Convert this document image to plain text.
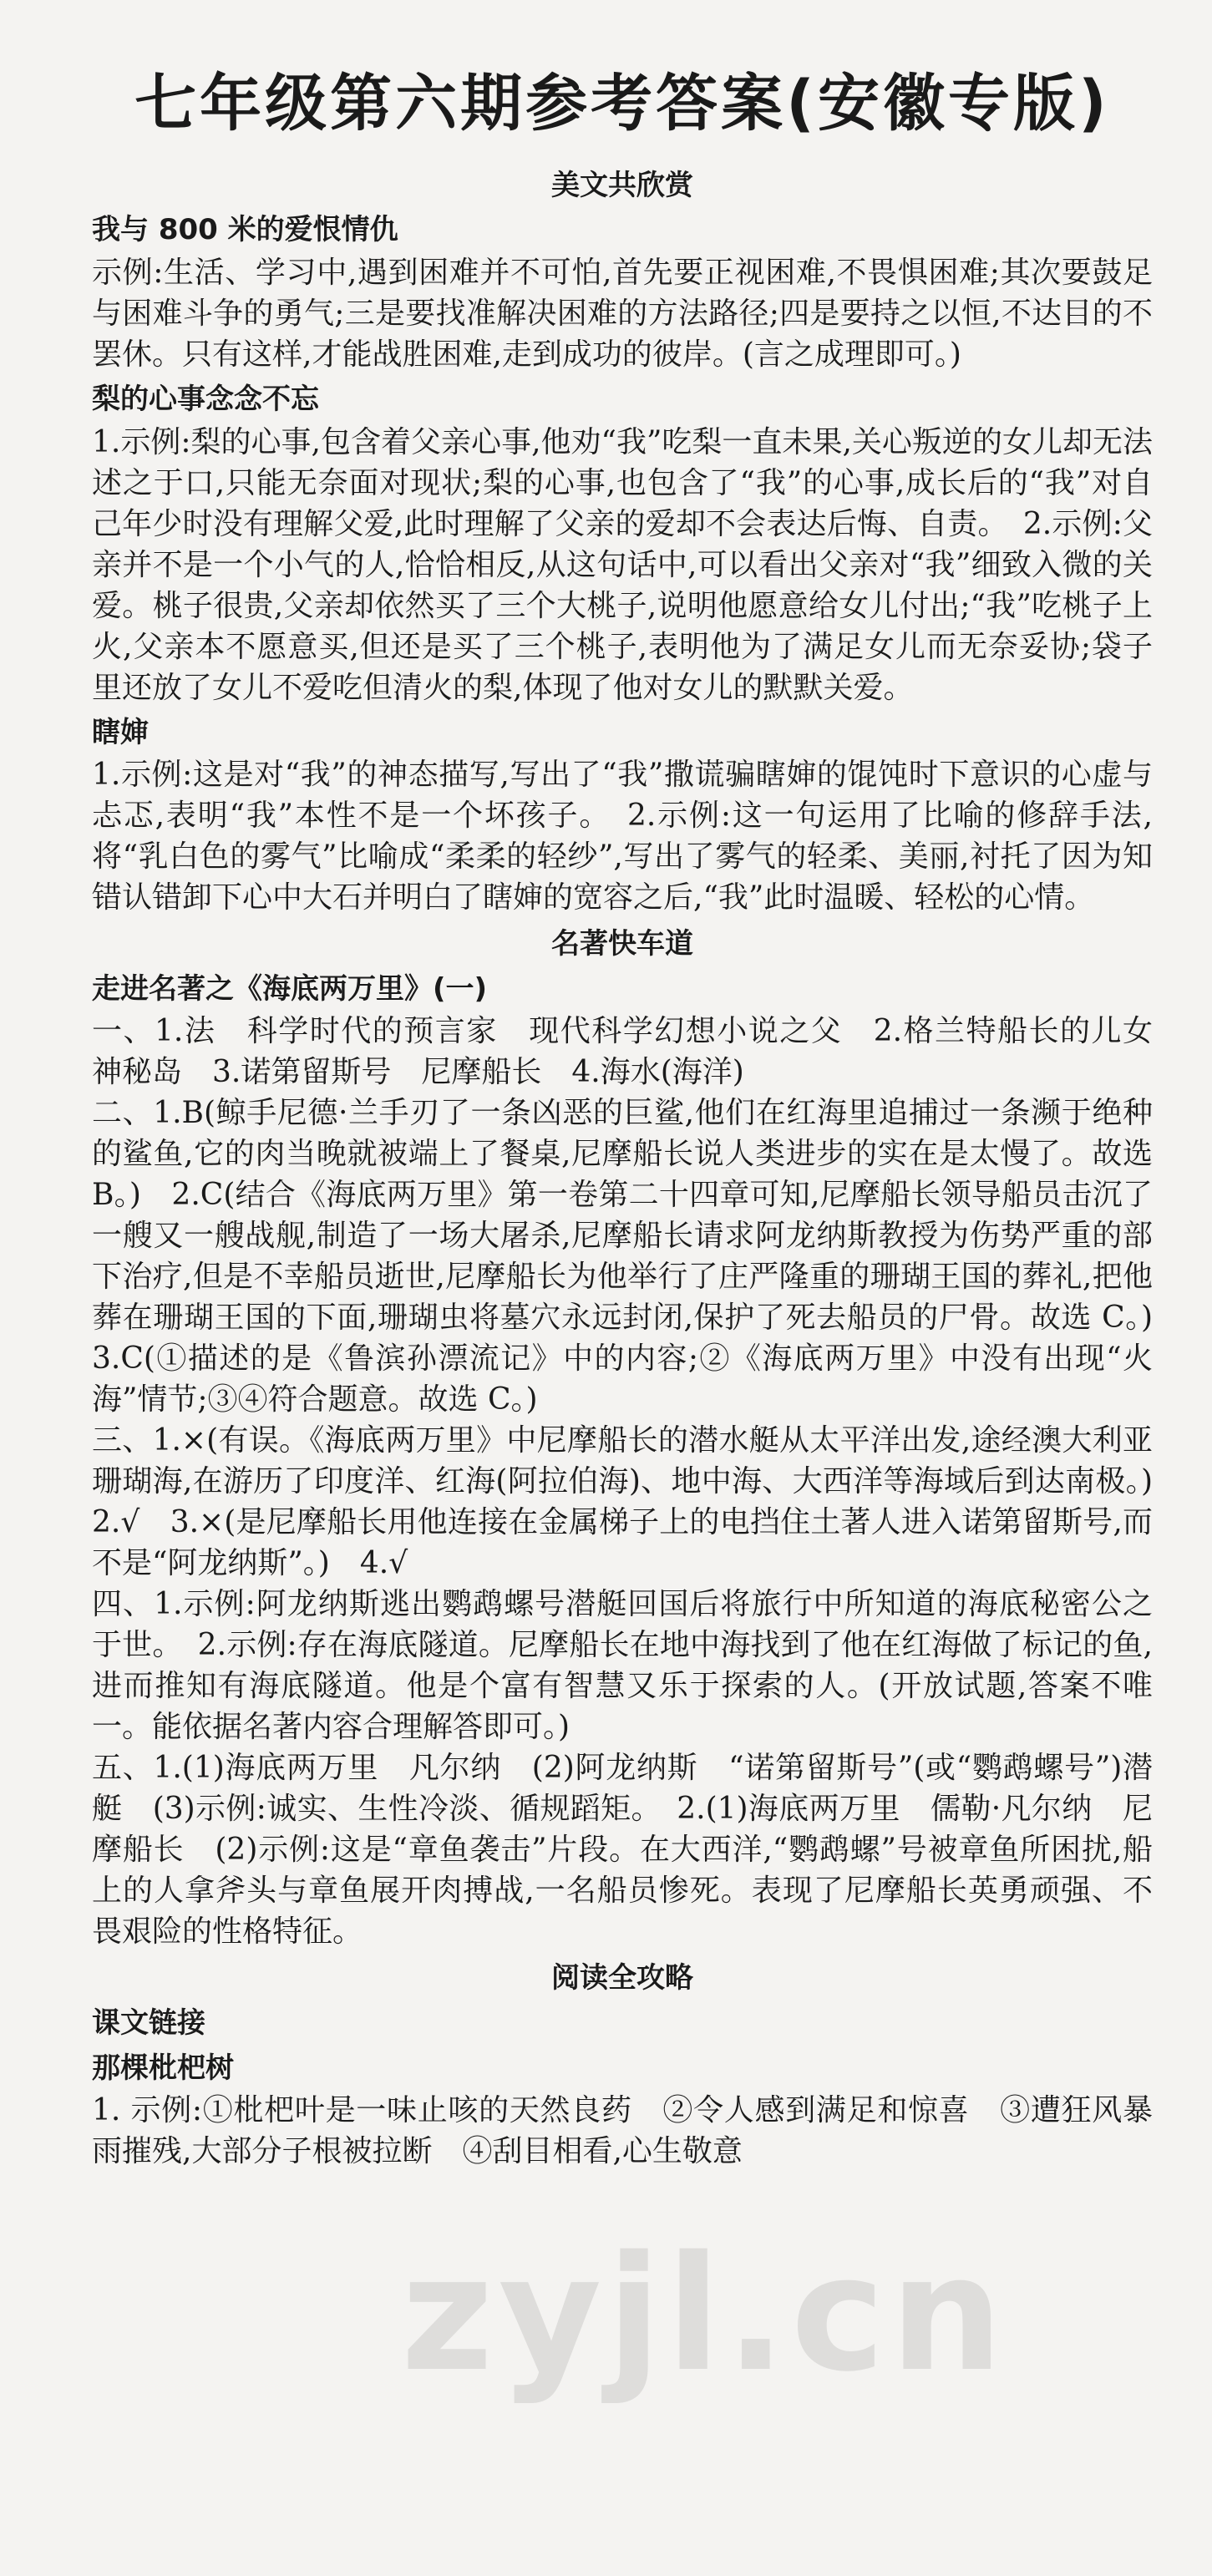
七年级第六期参考答案(安徽专版)
美文共欣赏
我与 800 米的爱恨情仇

示例:生活、学习中,遇到困难并不可怕,首先要正视困难,不畏惧困难;其次要鼓足与困难斗争的勇气;三是要找准解决困难的方法路径;四是要持之以恒,不达目的不罢休。只有这样,才能战胜困难,走到成功的彼岸。(言之成理即可。)

梨的心事念念不忘

1.示例:梨的心事,包含着父亲心事,他劝“我”吃梨一直未果,关心叛逆的女儿却无法述之于口,只能无奈面对现状;梨的心事,也包含了“我”的心事,成长后的“我”对自己年少时没有理解父爱,此时理解了父亲的爱却不会表达后悔、自责。　2.示例:父亲并不是一个小气的人,恰恰相反,从这句话中,可以看出父亲对“我”细致入微的关爱。桃子很贵,父亲却依然买了三个大桃子,说明他愿意给女儿付出;“我”吃桃子上火,父亲本不愿意买,但还是买了三个桃子,表明他为了满足女儿而无奈妥协;袋子里还放了女儿不爱吃但清火的梨,体现了他对女儿的默默关爱。

瞎婶

1.示例:这是对“我”的神态描写,写出了“我”撒谎骗瞎婶的馄饨时下意识的心虚与忐忑,表明“我”本性不是一个坏孩子。　2.示例:这一句运用了比喻的修辞手法,将“乳白色的雾气”比喻成“柔柔的轻纱”,写出了雾气的轻柔、美丽,衬托了因为知错认错卸下心中大石并明白了瞎婶的宽容之后,“我”此时温暖、轻松的心情。

名著快车道
走进名著之《海底两万里》(一)

一、1.法　科学时代的预言家　现代科学幻想小说之父　2.格兰特船长的儿女　神秘岛　3.诺第留斯号　尼摩船长　4.海水(海洋)

二、1.B(鲸手尼德·兰手刃了一条凶恶的巨鲨,他们在红海里追捕过一条濒于绝种的鲨鱼,它的肉当晚就被端上了餐桌,尼摩船长说人类进步的实在是太慢了。故选 B。)　2.C(结合《海底两万里》第一卷第二十四章可知,尼摩船长领导船员击沉了一艘又一艘战舰,制造了一场大屠杀,尼摩船长请求阿龙纳斯教授为伤势严重的部下治疗,但是不幸船员逝世,尼摩船长为他举行了庄严隆重的珊瑚王国的葬礼,把他葬在珊瑚王国的下面,珊瑚虫将墓穴永远封闭,保护了死去船员的尸骨。故选 C。)　3.C(①描述的是《鲁滨孙漂流记》中的内容;②《海底两万里》中没有出现“火海”情节;③④符合题意。故选 C。)

三、1.×(有误。《海底两万里》中尼摩船长的潜水艇从太平洋出发,途经澳大利亚珊瑚海,在游历了印度洋、红海(阿拉伯海)、地中海、大西洋等海域后到达南极。)　2.√　3.×(是尼摩船长用他连接在金属梯子上的电挡住土著人进入诺第留斯号,而不是“阿龙纳斯”。)　4.√

四、1.示例:阿龙纳斯逃出鹦鹉螺号潜艇回国后将旅行中所知道的海底秘密公之于世。　2.示例:存在海底隧道。尼摩船长在地中海找到了他在红海做了标记的鱼,进而推知有海底隧道。他是个富有智慧又乐于探索的人。(开放试题,答案不唯一。能依据名著内容合理解答即可。)

五、1.(1)海底两万里　凡尔纳　(2)阿龙纳斯　“诺第留斯号”(或“鹦鹉螺号”)潜艇　(3)示例:诚实、生性冷淡、循规蹈矩。　2.(1)海底两万里　儒勒·凡尔纳　尼摩船长　(2)示例:这是“章鱼袭击”片段。在大西洋,“鹦鹉螺”号被章鱼所困扰,船上的人拿斧头与章鱼展开肉搏战,一名船员惨死。表现了尼摩船长英勇顽强、不畏艰险的性格特征。

阅读全攻略
课文链接
那棵枇杷树

1. 示例:①枇杷叶是一味止咳的天然良药　②令人感到满足和惊喜　③遭狂风暴雨摧残,大部分子根被拉断　④刮目相看,心生敬意

zyjl.cn
